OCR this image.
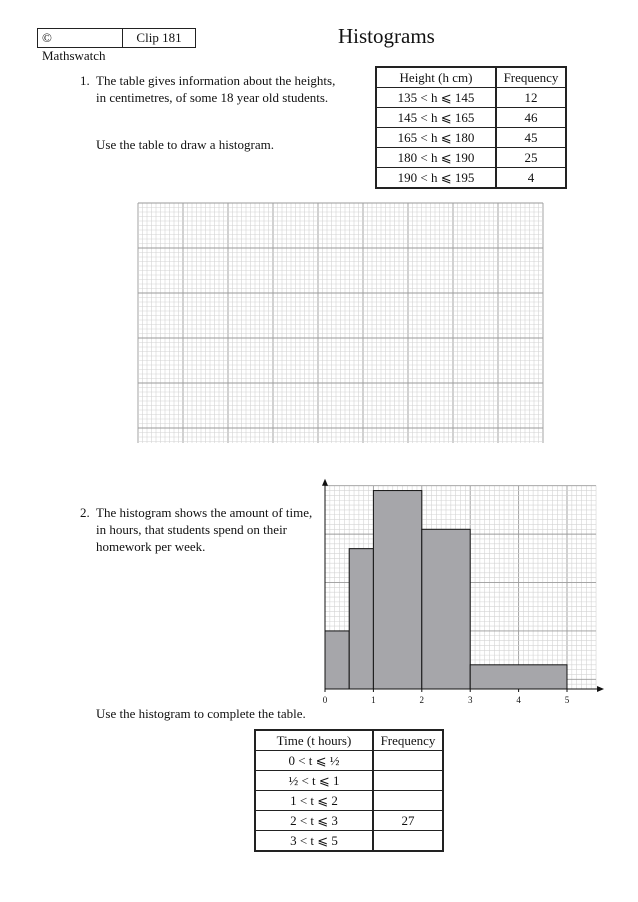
© Mathswatch
Clip 181	Histograms
1. The table gives information about the heights,
in centimetres, of some 18 year old students.
Use the table to draw a histogram.
Height (h cm)	Frequency
135 < h ⩽ 145	12
145 < h ⩽ 165	46
165 < h ⩽ 180	45
180 < h ⩽ 190	25
190 < h ⩽ 195	4
2. The histogram shows the amount of time,
in hours, that students spend on their
homework per week.
0	1	2	3	4	5
Use the histogram to complete the table.
Time (t hours)	Frequency
0 < t ⩽ ½	
½ < t ⩽ 1	
1 < t ⩽ 2	
2 < t ⩽ 3	27
3 < t ⩽ 5	
